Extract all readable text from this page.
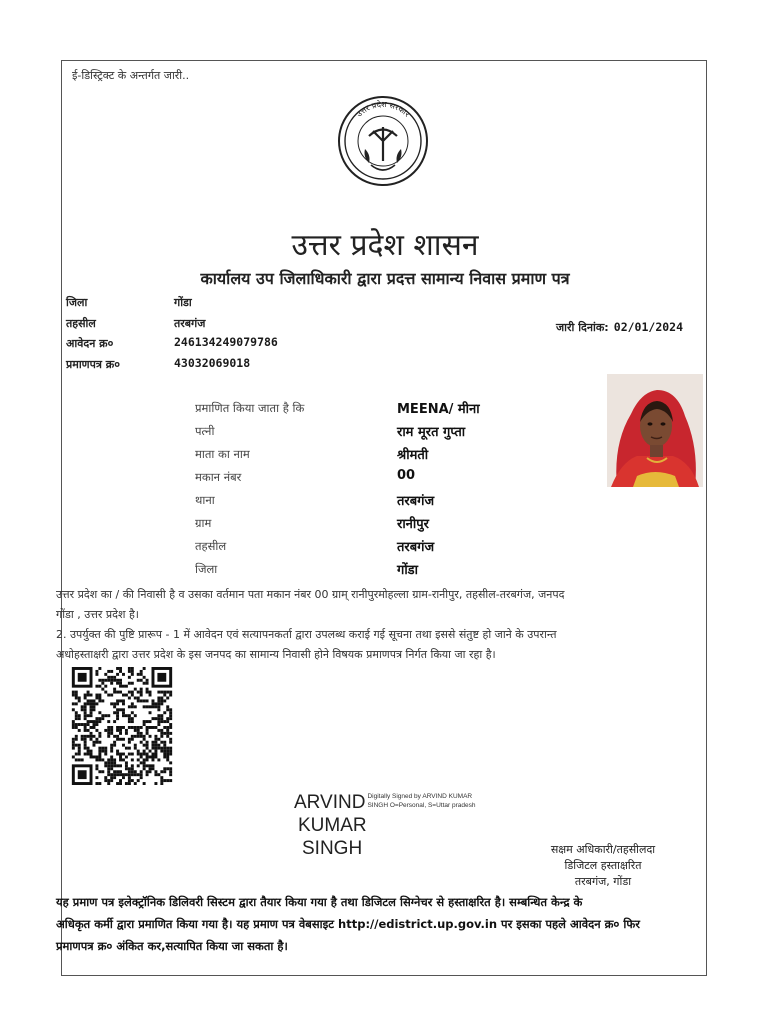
ई-डिस्ट्रिक्ट के अन्तर्गत जारी..
उत्तर प्रदेश सरकार
उत्तर प्रदेश शासन
कार्यालय उप जिलाधिकारी द्वारा प्रदत्त सामान्य निवास प्रमाण पत्र
जिला	गोंडा
तहसील	तरबगंज
आवेदन क्र०	246134249079786
प्रमाणपत्र क्र०	43032069018
जारी दिनांक: 02/01/2024
प्रमाणित किया जाता है कि	MEENA/ मीना
पत्नी	राम मूरत गुप्ता
माता का नाम	श्रीमती
मकान नंबर	00
थाना	तरबगंज
ग्राम	रानीपुर
तहसील	तरबगंज
जिला	गोंडा
उत्तर प्रदेश का / की निवासी है व उसका वर्तमान पता मकान नंबर 00 ग्राम् रानीपुरमोहल्ला ग्राम-रानीपुर, तहसील-तरबगंज, जनपद
गोंडा , उत्तर प्रदेश है।
2. उपर्युक्त की पुष्टि प्रारूप - 1 में आवेदन एवं सत्यापनकर्ता द्वारा उपलब्ध कराई गई सूचना तथा इससे संतुष्ट हो जाने के उपरान्त
अधोहस्ताक्षरी द्वारा उत्तर प्रदेश के इस जनपद का सामान्य निवासी होने विषयक प्रमाणपत्र निर्गत किया जा रहा है।
ARVIND Digitally Signed by ARVIND KUMAR
SINGH O=Personal, S=Uttar pradesh
KUMAR
SINGH	सक्षम अधिकारी/तहसीलदा
डिजिटल हस्ताक्षरित
तरबगंज, गोंडा
यह प्रमाण पत्र इलेक्ट्रॉनिक डिलिवरी सिस्टम द्वारा तैयार किया गया है तथा डिजिटल सिग्नेचर से हस्ताक्षरित है। सम्बन्धित केन्द्र के
अधिकृत कर्मी द्वारा प्रमाणित किया गया है। यह प्रमाण पत्र वेबसाइट http://edistrict.up.gov.in पर इसका पहले आवेदन क्र० फिर
प्रमाणपत्र क्र० अंकित कर,सत्यापित किया जा सकता है।
